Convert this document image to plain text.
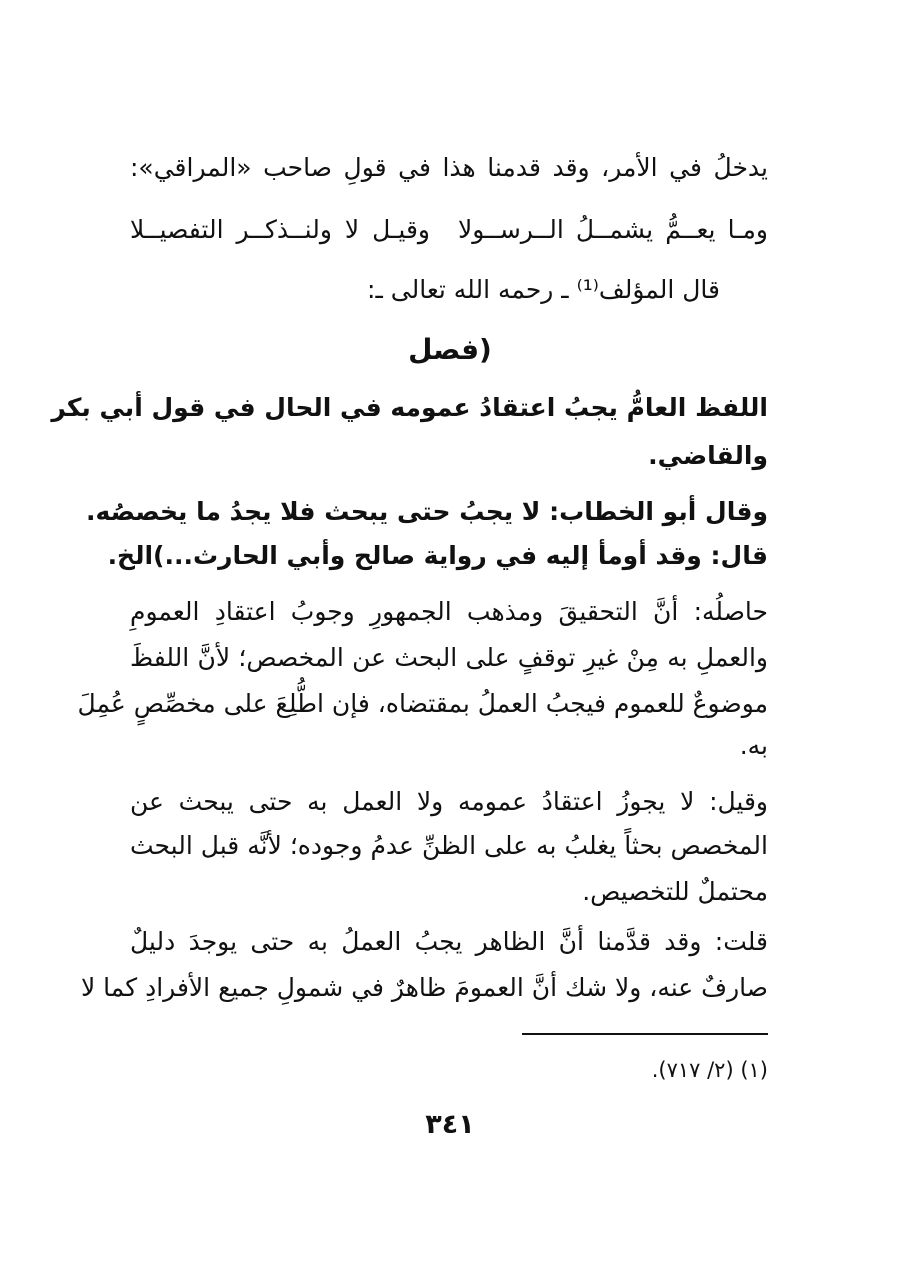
يدخلُ في الأمر، وقد قدمنا هذا في قولِ صاحب «المراقي»:
ومـا يعــمُّ يشمــلُ الــرســولا
وقيـل لا ولنــذكــر التفصيــلا
قال المؤلف⁽¹⁾ ـ رحمه الله تعالى ـ:
(فصل
اللفظ العامُّ يجبُ اعتقادُ عمومه في الحال في قول أبي بكر
والقاضي.
وقال أبو الخطاب: لا يجبُ حتى يبحث فلا يجدُ ما يخصصُه.
قال: وقد أومأ إليه في رواية صالح وأبي الحارث...)الخ.
حاصلُه: أنَّ التحقيقَ ومذهب الجمهورِ وجوبُ اعتقادِ العمومِ
والعملِ به مِنْ غيرِ توقفٍ على البحث عن المخصص؛ لأنَّ اللفظَ
موضوعٌ للعموم فيجبُ العملُ بمقتضاه، فإن اطُّلِعَ على مخصِّصٍ عُمِلَ
به.
وقيل: لا يجوزُ اعتقادُ عمومه ولا العمل به حتى يبحث عن
المخصص بحثاً يغلبُ به على الظنِّ عدمُ وجوده؛ لأنَّه قبل البحث
محتملٌ للتخصيص.
قلت: وقد قدَّمنا أنَّ الظاهر يجبُ العملُ به حتى يوجدَ دليلٌ
صارفٌ عنه، ولا شك أنَّ العمومَ ظاهرٌ في شمولِ جميع الأفرادِ كما لا
(١) (٢/ ٧١٧).
٣٤١
